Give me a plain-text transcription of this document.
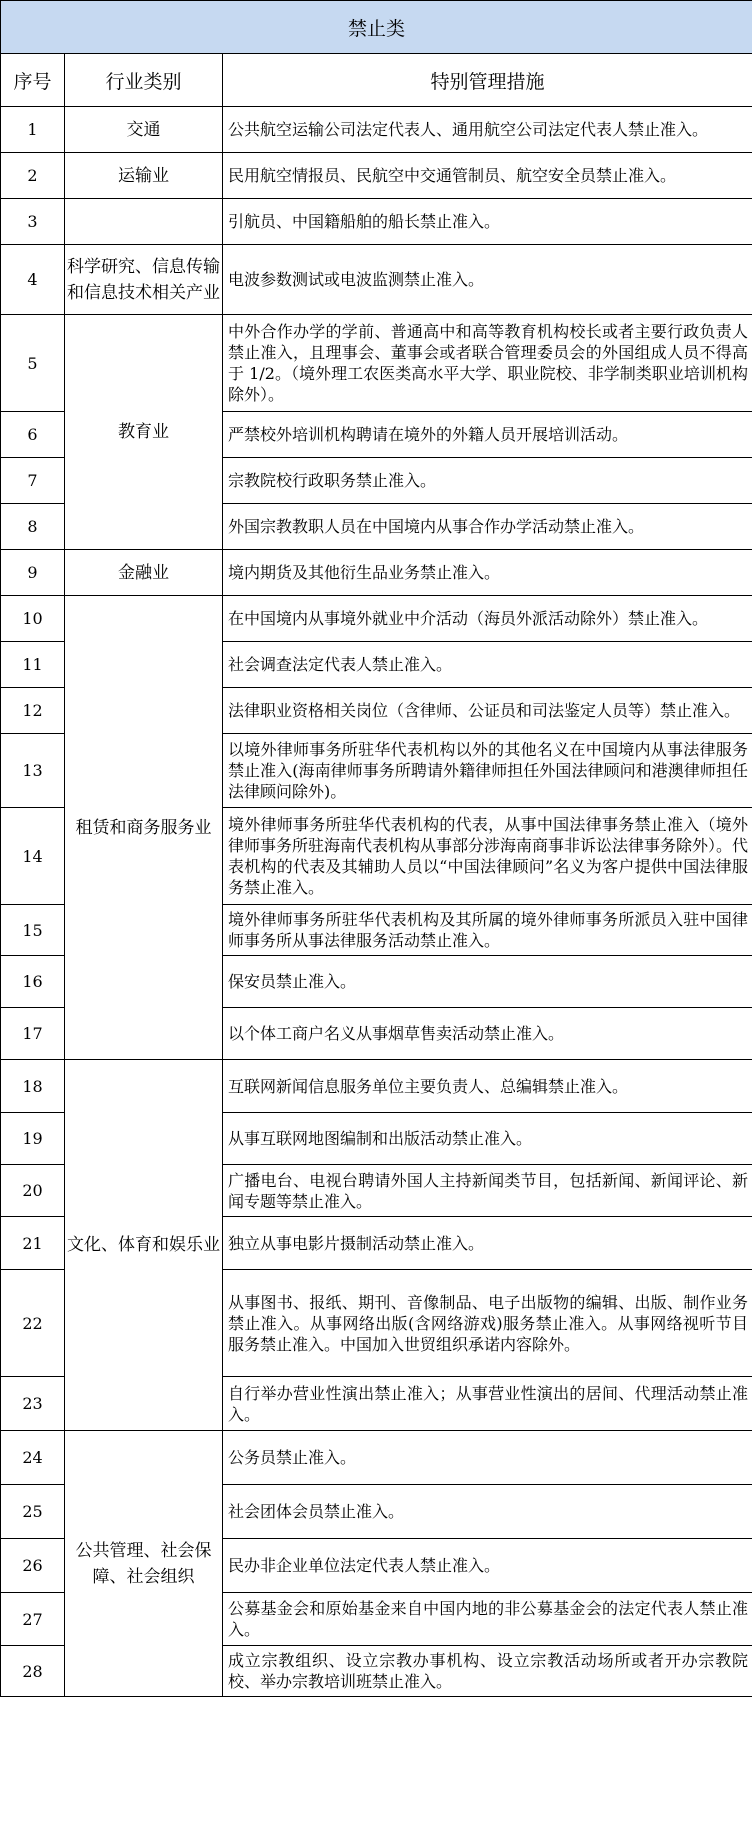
禁止类		
序号	行业类别	特别管理措施
1	交通	公共航空运输公司法定代表人、通用航空公司法定代表人禁止准入。
2	运输业	民用航空情报员、民航空中交通管制员、航空安全员禁止准入。
3		引航员、中国籍船舶的船长禁止准入。
4	科学研究、信息传输和信息技术相关产业	电波参数测试或电波监测禁止准入。
5	教育业	中外合作办学的学前、普通高中和高等教育机构校长或者主要行政负责人禁止准入，且理事会、董事会或者联合管理委员会的外国组成人员不得高于 1/2。（境外理工农医类高水平大学、职业院校、非学制类职业培训机构除外）。
6		严禁校外培训机构聘请在境外的外籍人员开展培训活动。
7		宗教院校行政职务禁止准入。
8		外国宗教教职人员在中国境内从事合作办学活动禁止准入。
9	金融业	境内期货及其他衍生品业务禁止准入。
10	租赁和商务服务业	在中国境内从事境外就业中介活动（海员外派活动除外）禁止准入。
11		社会调查法定代表人禁止准入。
12		法律职业资格相关岗位（含律师、公证员和司法鉴定人员等）禁止准入。
13		以境外律师事务所驻华代表机构以外的其他名义在中国境内从事法律服务禁止准入(海南律师事务所聘请外籍律师担任外国法律顾问和港澳律师担任法律顾问除外)。
14		境外律师事务所驻华代表机构的代表，从事中国法律事务禁止准入（境外律师事务所驻海南代表机构从事部分涉海南商事非诉讼法律事务除外）。代表机构的代表及其辅助人员以“中国法律顾问”名义为客户提供中国法律服务禁止准入。
15		境外律师事务所驻华代表机构及其所属的境外律师事务所派员入驻中国律师事务所从事法律服务活动禁止准入。
16		保安员禁止准入。
17		以个体工商户名义从事烟草售卖活动禁止准入。
18	文化、体育和娱乐业	互联网新闻信息服务单位主要负责人、总编辑禁止准入。
19		从事互联网地图编制和出版活动禁止准入。
20		广播电台、电视台聘请外国人主持新闻类节目，包括新闻、新闻评论、新闻专题等禁止准入。
21		独立从事电影片摄制活动禁止准入。
22		从事图书、报纸、期刊、音像制品、电子出版物的编辑、出版、制作业务禁止准入。从事网络出版(含网络游戏)服务禁止准入。从事网络视听节目服务禁止准入。中国加入世贸组织承诺内容除外。
23		自行举办营业性演出禁止准入；从事营业性演出的居间、代理活动禁止准入。
24	公共管理、社会保障、社会组织	公务员禁止准入。
25		社会团体会员禁止准入。
26		民办非企业单位法定代表人禁止准入。
27		公募基金会和原始基金来自中国内地的非公募基金会的法定代表人禁止准入。
28		成立宗教组织、设立宗教办事机构、设立宗教活动场所或者开办宗教院校、举办宗教培训班禁止准入。
